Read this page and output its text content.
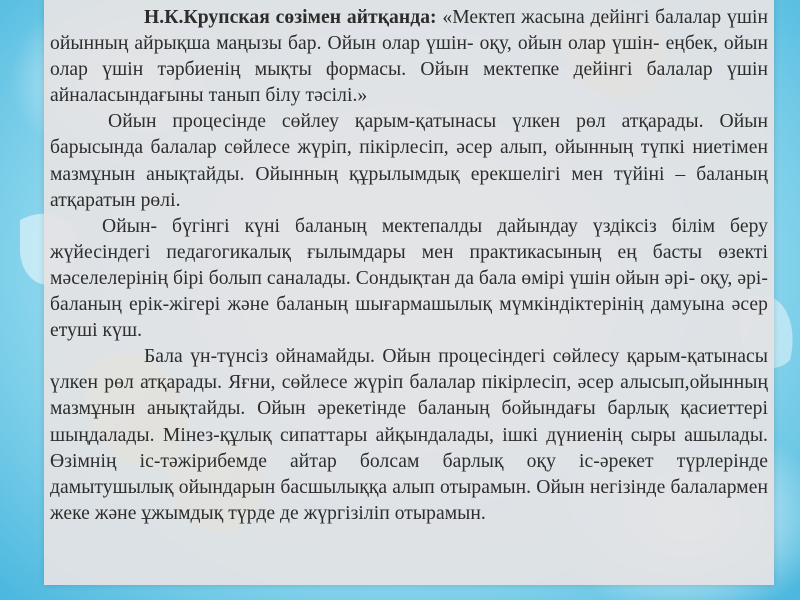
Н.К.Крупская сөзімен айтқанда: «Мектеп жасына дейінгі балалар үшін ойынның айрықша маңызы бар. Ойын олар үшін- оқу, ойын олар үшін- еңбек, ойын олар үшін тәрбиенің мықты формасы. Ойын мектепке дейінгі балалар үшін айналасындағыны танып білу тәсілі.»

Ойын процесінде сөйлеу қарым-қатынасы үлкен рөл атқарады. Ойын барысында балалар сөйлесе жүріп, пікірлесіп, әсер алып, ойынның түпкі ниетімен мазмұнын анықтайды. Ойынның құрылымдық ерекшелігі мен түйіні – баланың атқаратын рөлі.

Ойын- бүгінгі күні баланың мектепалды дайындау үздіксіз білім беру жүйесіндегі педагогикалық ғылымдары мен практикасының ең басты өзекті мәселелерінің бірі болып саналады. Сондықтан да бала өмірі үшін ойын әрі- оқу, әрі-баланың ерік-жігері және баланың шығармашылық мүмкіндіктерінің дамуына әсер етуші күш.

Бала үн-түнсіз ойнамайды. Ойын процесіндегі сөйлесу қарым-қатынасы үлкен рөл атқарады. Яғни, сөйлесе жүріп балалар пікірлесіп, әсер алысып,ойынның мазмұнын анықтайды. Ойын әрекетінде баланың бойындағы барлық қасиеттері шыңдалады. Мінез-құлық сипаттары айқындалады, ішкі дүниенің сыры ашылады. Өзімнің іс-тәжірибемде айтар болсам барлық оқу іс-әрекет түрлерінде дамытушылық ойындарын басшылыққа алып отырамын. Ойын негізінде балалармен жеке және ұжымдық түрде де жүргізіліп отырамын.
